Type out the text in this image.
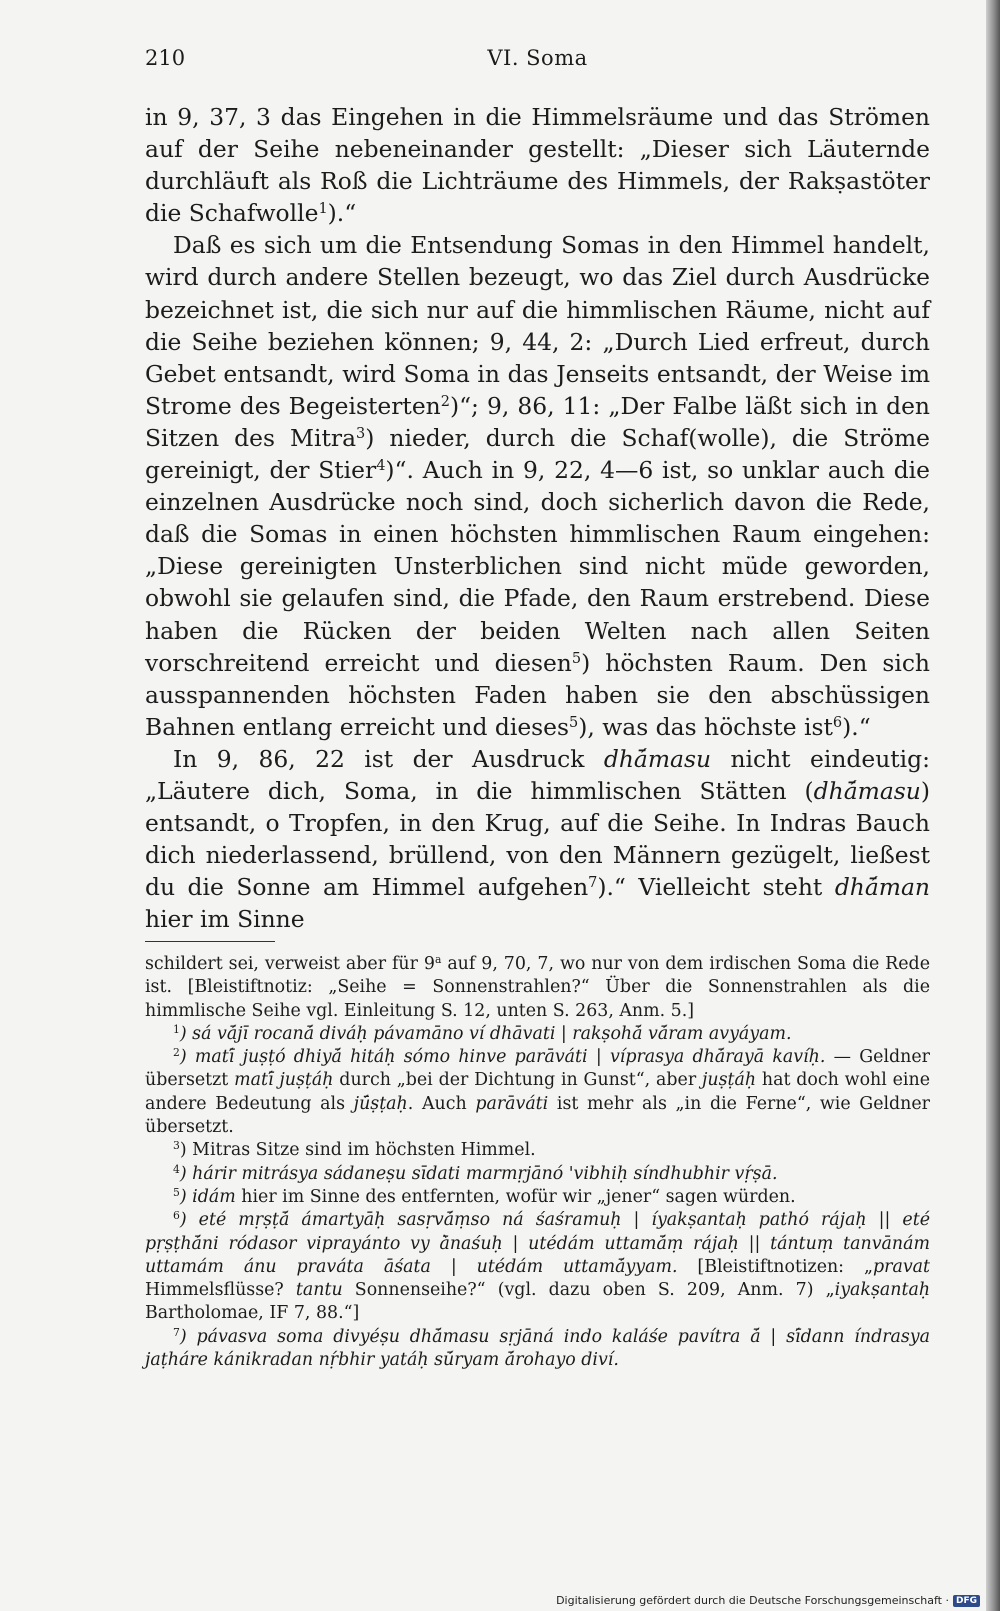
210	VI. Soma

in 9, 37, 3 das Eingehen in die Himmelsräume und das Strömen auf der Seihe nebeneinander gestellt: „Dieser sich Läuternde durchläuft als Roß die Lichträume des Himmels, der Rakṣastöter die Schafwolle$^1$).“

Daß es sich um die Entsendung Somas in den Himmel handelt, wird durch andere Stellen bezeugt, wo das Ziel durch Ausdrücke bezeichnet ist, die sich nur auf die himmlischen Räume, nicht auf die Seihe beziehen können; 9, 44, 2: „Durch Lied erfreut, durch Gebet entsandt, wird Soma in das Jenseits entsandt, der Weise im Strome des Begeisterten$^2$)“; 9, 86, 11: „Der Falbe läßt sich in den Sitzen des Mitra$^3$) nieder, durch die Schaf(wolle), die Ströme gereinigt, der Stier$^4$)“. Auch in 9, 22, 4—6 ist, so unklar auch die einzelnen Ausdrücke noch sind, doch sicherlich davon die Rede, daß die Somas in einen höchsten himmlischen Raum eingehen: „Diese gereinigten Unsterblichen sind nicht müde geworden, obwohl sie gelaufen sind, die Pfade, den Raum erstrebend. Diese haben die Rücken der beiden Welten nach allen Seiten vorschreitend erreicht und diesen$^5$) höchsten Raum. Den sich ausspannenden höchsten Faden haben sie den abschüssigen Bahnen entlang erreicht und dieses$^5$), was das höchste ist$^6$).“

In 9, 86, 22 ist der Ausdruck dhā́masu nicht eindeutig: „Läutere dich, Soma, in die himmlischen Stätten (dhā́masu) entsandt, o Tropfen, in den Krug, auf die Seihe. In Indras Bauch dich niederlassend, brüllend, von den Männern gezügelt, ließest du die Sonne am Himmel aufgehen$^7$).“ Vielleicht steht dhā́man hier im Sinne

schildert sei, verweist aber für 9$^a$ auf 9, 70, 7, wo nur von dem irdischen Soma die Rede ist. [Bleistiftnotiz: „Seihe = Sonnenstrahlen?“ Über die Sonnenstrahlen als die himmlische Seihe vgl. Einleitung S. 12, unten S. 263, Anm. 5.]

$^1$) sá vā́jī rocanā́ diváḥ pávamāno ví dhāvati | rakṣohā́ vā́ram avyáyam.

$^2$) matī́ juṣṭó dhiyā́ hitáḥ sómo hinve parāváti | víprasya dhā́rayā kavíḥ. — Geldner übersetzt matī́ juṣṭáḥ durch „bei der Dichtung in Gunst“, aber juṣṭáḥ hat doch wohl eine andere Bedeutung als jú̄ṣṭaḥ. Auch parāváti ist mehr als „in die Ferne“, wie Geldner übersetzt.

$^3$) Mitras Sitze sind im höchsten Himmel.

$^4$) hárir mitrásya sádaneṣu sīdati marmṛjānó 'vibhiḥ síndhubhir vṛ́ṣā.

$^5$) idám hier im Sinne des entfernten, wofür wir „jener“ sagen würden.

$^6$) eté mṛṣṭā́ ámartyāḥ sasṛvā́ṃso ná śaśramuḥ | íyakṣantaḥ pathó rájaḥ || eté pṛṣṭhā́ni ródasor viprayánto vy ā̀naśuḥ | utédám uttamā́ṃ rájaḥ || tántuṃ tanvānám uttamám ánu praváta āśata | utédám uttamā́yyam. [Bleistiftnotizen: „pravat Himmelsflüsse? tantu Sonnenseihe?“ (vgl. dazu oben S. 209, Anm. 7) „iyakṣantaḥ Bartholomae, IF 7, 88.“]

$^7$) pávasva soma divyéṣu dhā́masu sṛjāná indo kaláśe pavítra ā́ | sī́dann índrasya jaṭháre kánikradan nṛ́bhir yatáḥ sū́ryam ā́rohayo diví.

Digitalisierung gefördert durch die Deutsche Forschungsgemeinschaft · DFG
